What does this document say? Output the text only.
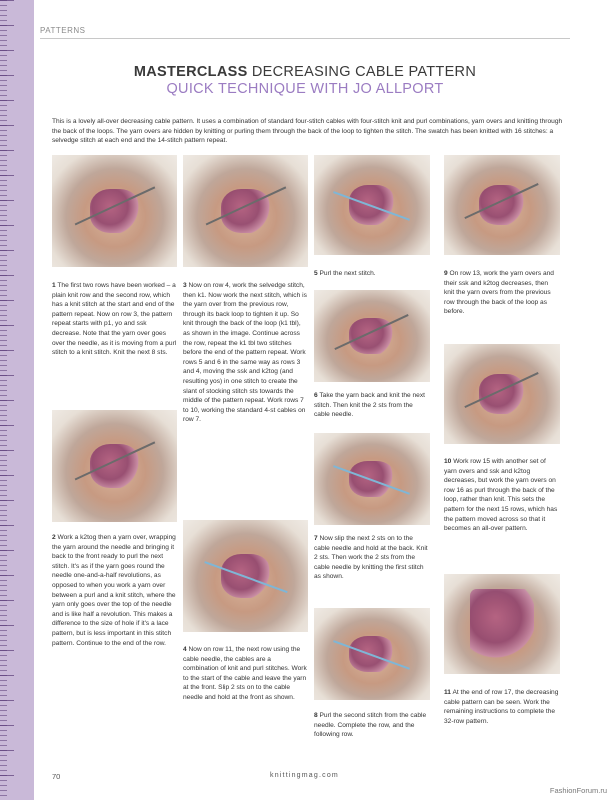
PATTERNS
MASTERCLASS DECREASING CABLE PATTERN
QUICK TECHNIQUE WITH JO ALLPORT
This is a lovely all-over decreasing cable pattern. It uses a combination of standard four-stitch cables with four-stitch knit and purl combinations, yarn overs and knitting through the back of the loops. The yarn overs are hidden by knitting or purling them through the back of the loop to tighten the stitch. The swatch has been knitted with 16 stitches: a selvedge stitch at each end and the 14-stitch pattern repeat.
1 The first two rows have been worked – a plain knit row and the second row, which has a knit stitch at the start and end of the pattern repeat. Now on row 3, the pattern repeat starts with p1, yo and ssk decrease. Note that the yarn over goes over the needle, as it is moving from a purl stitch to a knit stitch. Knit the next 8 sts.
2 Work a k2tog then a yarn over, wrapping the yarn around the needle and bringing it back to the front ready to purl the next stitch. It's as if the yarn goes round the needle one-and-a-half revolutions, as opposed to when you work a yarn over between a purl and a knit stitch, where the yarn only goes over the top of the needle and is like half a revolution. This makes a difference to the size of hole if it's a lace pattern, but is less important in this stitch pattern. Continue to the end of the row.
3 Now on row 4, work the selvedge stitch, then k1. Now work the next stitch, which is the yarn over from the previous row, through its back loop to tighten it up. So knit through the back of the loop (k1 tbl), as shown in the image. Continue across the row, repeat the k1 tbl two stitches before the end of the pattern repeat. Work rows 5 and 6 in the same way as rows 3 and 4, moving the ssk and k2tog (and resulting yos) in one stitch to create the slant of stocking stitch sts towards the middle of the pattern repeat. Work rows 7 to 10, working the standard 4-st cables on row 7.
4 Now on row 11, the next row using the cable needle, the cables are a combination of knit and purl stitches. Work to the start of the cable and leave the yarn at the front. Slip 2 sts on to the cable needle and hold at the front as shown.
5 Purl the next stitch.
6 Take the yarn back and knit the next stitch. Then knit the 2 sts from the cable needle.
7 Now slip the next 2 sts on to the cable needle and hold at the back. Knit 2 sts. Then work the 2 sts from the cable needle by knitting the first stitch as shown.
8 Purl the second stitch from the cable needle. Complete the row, and the following row.
9 On row 13, work the yarn overs and their ssk and k2tog decreases, then knit the yarn overs from the previous row through the back of the loop as before.
10 Work row 15 with another set of yarn overs and ssk and k2tog decreases, but work the yarn overs on row 16 as purl through the back of the loop, rather than knit. This sets the pattern for the next 15 rows, which has the pattern moved across so that it becomes an all-over pattern.
11 At the end of row 17, the decreasing cable pattern can be seen. Work the remaining instructions to complete the 32-row pattern.
70	knittingmag.com
FashionForum.ru
